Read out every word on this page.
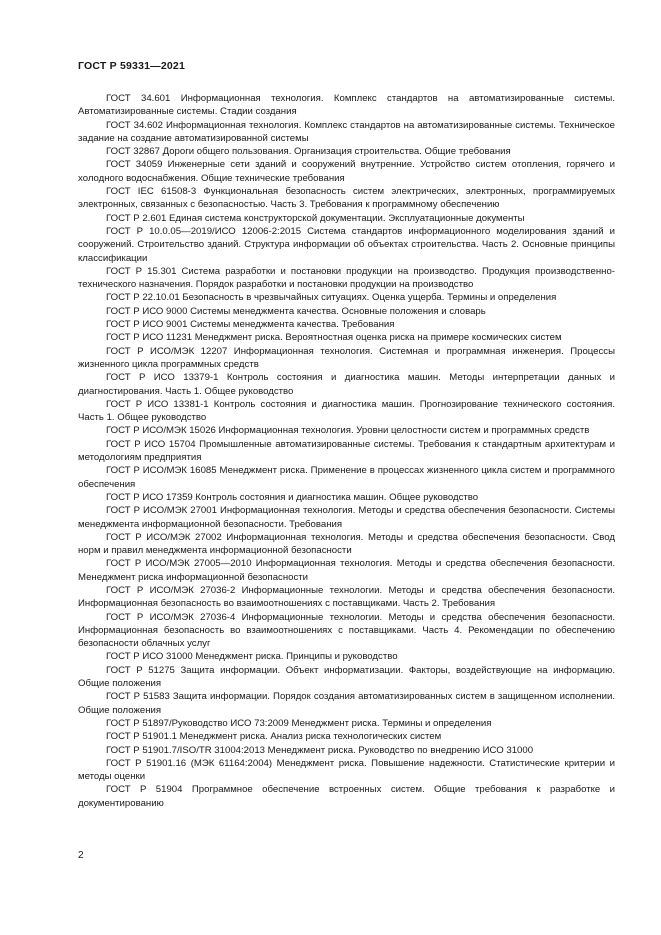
ГОСТ Р 59331—2021

ГОСТ 34.601 Информационная технология. Комплекс стандартов на автоматизированные системы. Автоматизированные системы. Стадии создания

ГОСТ 34.602 Информационная технология. Комплекс стандартов на автоматизированные системы. Техническое задание на создание автоматизированной системы

ГОСТ 32867 Дороги общего пользования. Организация строительства. Общие требования

ГОСТ 34059 Инженерные сети зданий и сооружений внутренние. Устройство систем отопления, горячего и холодного водоснабжения. Общие технические требования

ГОСТ IEC 61508-3 Функциональная безопасность систем электрических, электронных, программируемых электронных, связанных с безопасностью. Часть 3. Требования к программному обеспечению

ГОСТ Р 2.601 Единая система конструкторской документации. Эксплуатационные документы

ГОСТ Р 10.0.05—2019/ИСО 12006-2:2015 Система стандартов информационного моделирования зданий и сооружений. Строительство зданий. Структура информации об объектах строительства. Часть 2. Основные принципы классификации

ГОСТ Р 15.301 Система разработки и постановки продукции на производство. Продукция производственно-технического назначения. Порядок разработки и постановки продукции на производство

ГОСТ Р 22.10.01 Безопасность в чрезвычайных ситуациях. Оценка ущерба. Термины и определения

ГОСТ Р ИСО 9000 Системы менеджмента качества. Основные положения и словарь

ГОСТ Р ИСО 9001 Системы менеджмента качества. Требования

ГОСТ Р ИСО 11231 Менеджмент риска. Вероятностная оценка риска на примере космических систем

ГОСТ Р ИСО/МЭК 12207 Информационная технология. Системная и программная инженерия. Процессы жизненного цикла программных средств

ГОСТ Р ИСО 13379-1 Контроль состояния и диагностика машин. Методы интерпретации данных и диагностирования. Часть 1. Общее руководство

ГОСТ Р ИСО 13381-1 Контроль состояния и диагностика машин. Прогнозирование технического состояния. Часть 1. Общее руководство

ГОСТ Р ИСО/МЭК 15026 Информационная технология. Уровни целостности систем и программных средств

ГОСТ Р ИСО 15704 Промышленные автоматизированные системы. Требования к стандартным архитектурам и методологиям предприятия

ГОСТ Р ИСО/МЭК 16085 Менеджмент риска. Применение в процессах жизненного цикла систем и программного обеспечения

ГОСТ Р ИСО 17359 Контроль состояния и диагностика машин. Общее руководство

ГОСТ Р ИСО/МЭК 27001 Информационная технология. Методы и средства обеспечения безопасности. Системы менеджмента информационной безопасности. Требования

ГОСТ Р ИСО/МЭК 27002 Информационная технология. Методы и средства обеспечения безопасности. Свод норм и правил менеджмента информационной безопасности

ГОСТ Р ИСО/МЭК 27005—2010 Информационная технология. Методы и средства обеспечения безопасности. Менеджмент риска информационной безопасности

ГОСТ Р ИСО/МЭК 27036-2 Информационные технологии. Методы и средства обеспечения безопасности. Информационная безопасность во взаимоотношениях с поставщиками. Часть 2. Требования

ГОСТ Р ИСО/МЭК 27036-4 Информационные технологии. Методы и средства обеспечения безопасности. Информационная безопасность во взаимоотношениях с поставщиками. Часть 4. Рекомендации по обеспечению безопасности облачных услуг

ГОСТ Р ИСО 31000 Менеджмент риска. Принципы и руководство

ГОСТ Р 51275 Защита информации. Объект информатизации. Факторы, воздействующие на информацию. Общие положения

ГОСТ Р 51583 Защита информации. Порядок создания автоматизированных систем в защищенном исполнении. Общие положения

ГОСТ Р 51897/Руководство ИСО 73:2009 Менеджмент риска. Термины и определения

ГОСТ Р 51901.1 Менеджмент риска. Анализ риска технологических систем

ГОСТ Р 51901.7/ISO/TR 31004:2013 Менеджмент риска. Руководство по внедрению ИСО 31000

ГОСТ Р 51901.16 (МЭК 61164:2004) Менеджмент риска. Повышение надежности. Статистические критерии и методы оценки

ГОСТ Р 51904 Программное обеспечение встроенных систем. Общие требования к разработке и документированию

2
